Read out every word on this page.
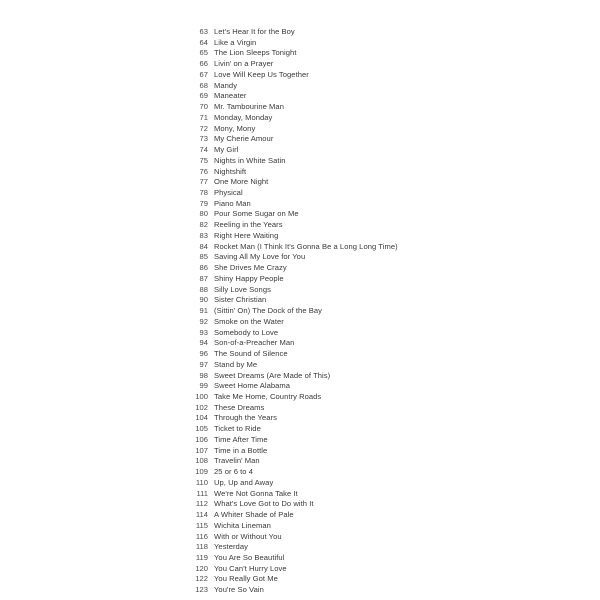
63 Let's Hear It for the Boy
64 Like a Virgin
65 The Lion Sleeps Tonight
66 Livin' on a Prayer
67 Love Will Keep Us Together
68 Mandy
69 Maneater
70 Mr. Tambourine Man
71 Monday, Monday
72 Mony, Mony
73 My Cherie Amour
74 My Girl
75 Nights in White Satin
76 Nightshift
77 One More Night
78 Physical
79 Piano Man
80 Pour Some Sugar on Me
82 Reeling in the Years
83 Right Here Waiting
84 Rocket Man (I Think It's Gonna Be a Long Long Time)
85 Saving All My Love for You
86 She Drives Me Crazy
87 Shiny Happy People
88 Silly Love Songs
90 Sister Christian
91 (Sittin' On) The Dock of the Bay
92 Smoke on the Water
93 Somebody to Love
94 Son-of-a-Preacher Man
96 The Sound of Silence
97 Stand by Me
98 Sweet Dreams (Are Made of This)
99 Sweet Home Alabama
100 Take Me Home, Country Roads
102 These Dreams
104 Through the Years
105 Ticket to Ride
106 Time After Time
107 Time in a Bottle
108 Travelin' Man
109 25 or 6 to 4
110 Up, Up and Away
111 We're Not Gonna Take It
112 What's Love Got to Do with It
114 A Whiter Shade of Pale
115 Wichita Lineman
116 With or Without You
118 Yesterday
119 You Are So Beautiful
120 You Can't Hurry Love
122 You Really Got Me
123 You're So Vain
